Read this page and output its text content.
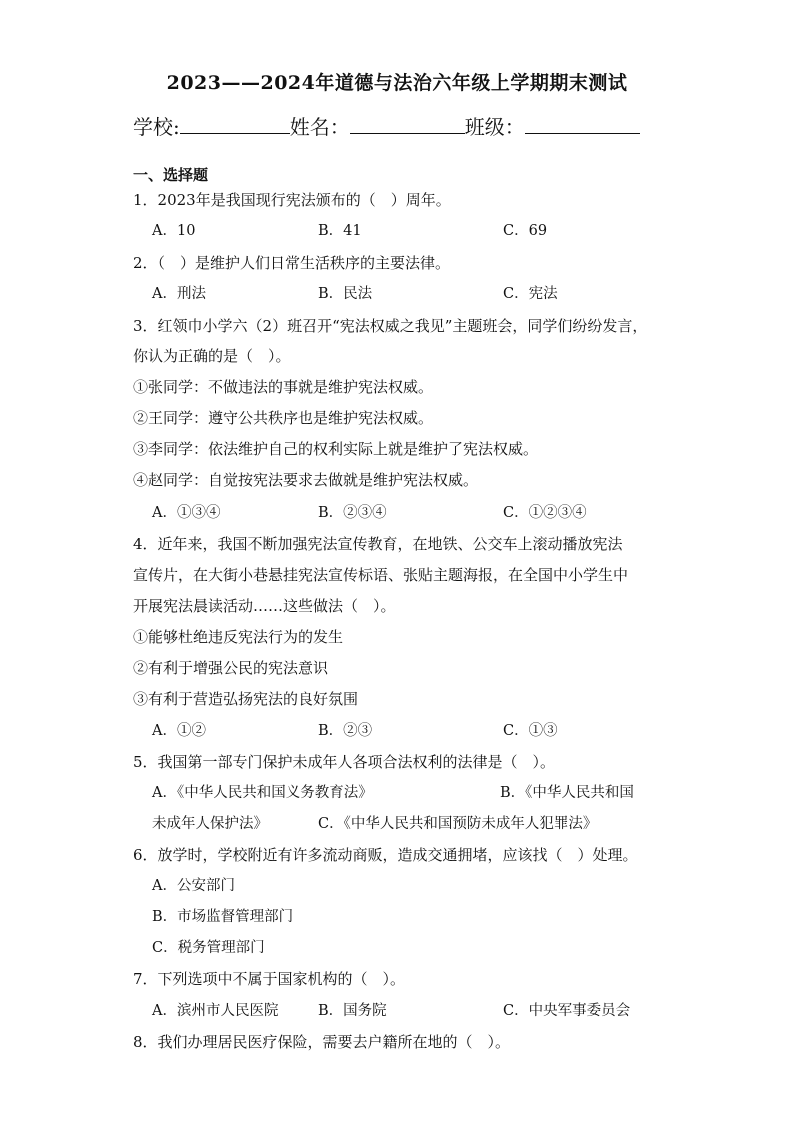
2023——2024年道德与法治六年级上学期期末测试
学校:	姓名：	班级：
一、选择题
1．2023年是我国现行宪法颁布的（　）周年。
A．10	B．41	C．69
2．（　）是维护人们日常生活秩序的主要法律。
A．刑法	B．民法	C．宪法
3．红领巾小学六（2）班召开“宪法权威之我见”主题班会，同学们纷纷发言，
你认为正确的是（　）。
①张同学：不做违法的事就是维护宪法权威。
②王同学：遵守公共秩序也是维护宪法权威。
③李同学：依法维护自己的权利实际上就是维护了宪法权威。
④赵同学：自觉按宪法要求去做就是维护宪法权威。
A．①③④	B．②③④	C．①②③④
4．近年来，我国不断加强宪法宣传教育，在地铁、公交车上滚动播放宪法
宣传片，在大街小巷悬挂宪法宣传标语、张贴主题海报，在全国中小学生中
开展宪法晨读活动……这些做法（　）。
①能够杜绝违反宪法行为的发生
②有利于增强公民的宪法意识
③有利于营造弘扬宪法的良好氛围
A．①②	B．②③	C．①③
5．我国第一部专门保护未成年人各项合法权利的法律是（　）。
A．《中华人民共和国义务教育法》	B．《中华人民共和国
未成年人保护法》	C．《中华人民共和国预防未成年人犯罪法》
6．放学时，学校附近有许多流动商贩，造成交通拥堵，应该找（　）处理。
A．公安部门
B．市场监督管理部门
C．税务管理部门
7．下列选项中不属于国家机构的（　）。
A．滨州市人民医院	B．国务院	C．中央军事委员会
8．我们办理居民医疗保险，需要去户籍所在地的（　）。
